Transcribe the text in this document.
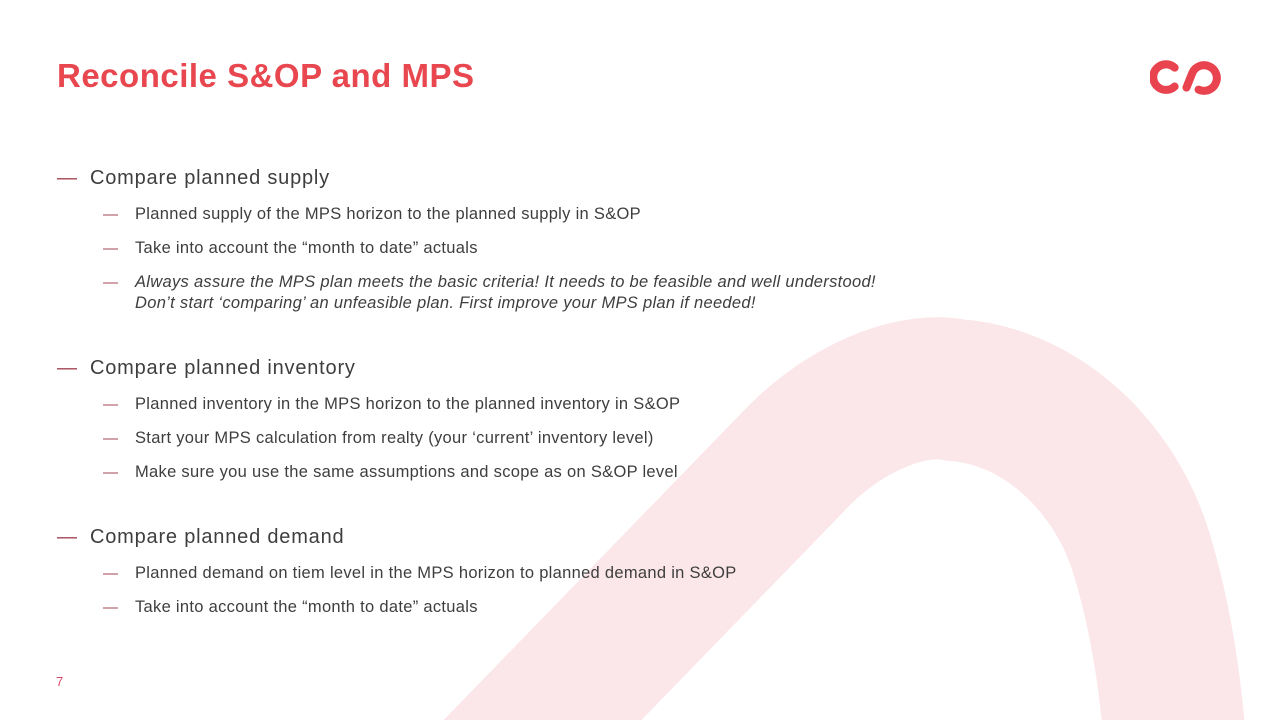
Reconcile S&OP and MPS
— Compare planned supply
—	Planned supply of the MPS horizon to the planned supply in S&OP
—	Take into account the “month to date” actuals
—	Always assure the MPS plan meets the basic criteria! It needs to be feasible and well understood!
Don’t start ‘comparing’ an unfeasible plan. First improve your MPS plan if needed!
— Compare planned inventory
—	Planned inventory in the MPS horizon to the planned inventory in S&OP
—	Start your MPS calculation from realty (your ‘current’ inventory level)
—	Make sure you use the same assumptions and scope as on S&OP level
— Compare planned demand
—	Planned demand on tiem level in the MPS horizon to planned demand in S&OP
—	Take into account the “month to date” actuals
7
